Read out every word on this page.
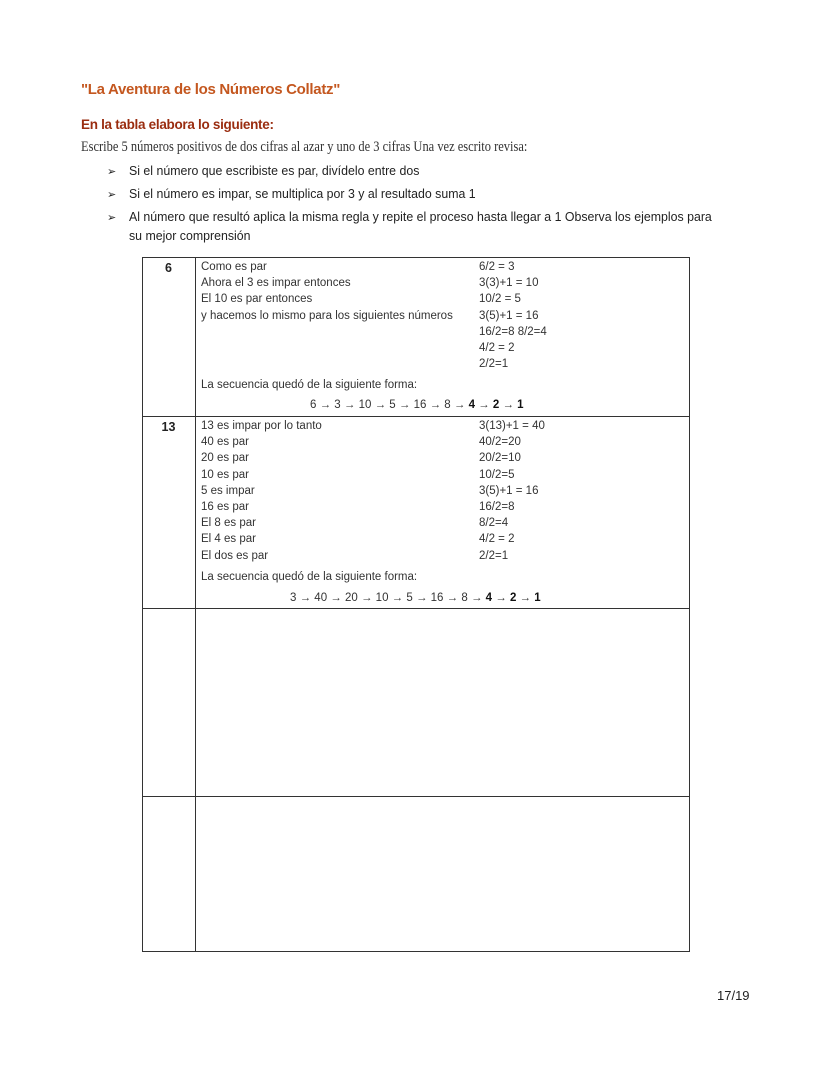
"La Aventura de los Números Collatz"
En la tabla elabora lo siguiente:
Escribe 5 números positivos de dos cifras al azar y uno de 3 cifras Una vez escrito revisa:
➢ Si el número que escribiste es par, divídelo entre dos
➢ Si el número es impar, se multiplica por 3 y al resultado suma 1
➢ Al número que resultó aplica la misma regla y repite el proceso hasta llegar a 1 Observa los ejemplos para
su mejor comprensión
6	Como es par
Ahora el 3 es impar entonces
El 10 es par entonces
y hacemos lo mismo para los siguientes números
6/2 = 3
3(3)+1 = 10
10/2 = 5
3(5)+1 = 16
16/2=8 8/2=4
4/2 = 2
2/2=1
La secuencia quedó de la siguiente forma:
6 → 3 → 10 → 5 → 16 → 8 → 4 → 2 → 1
13	13 es impar por lo tanto
40 es par
20 es par
10 es par
5 es impar
16 es par
El 8 es par
El 4 es par
El dos es par
3(13)+1 = 40
40/2=20
20/2=10
10/2=5
3(5)+1 = 16
16/2=8
8/2=4
4/2 = 2
2/2=1
La secuencia quedó de la siguiente forma:
3 → 40 → 20 → 10 → 5 → 16 → 8 → 4 → 2 → 1
17/19
